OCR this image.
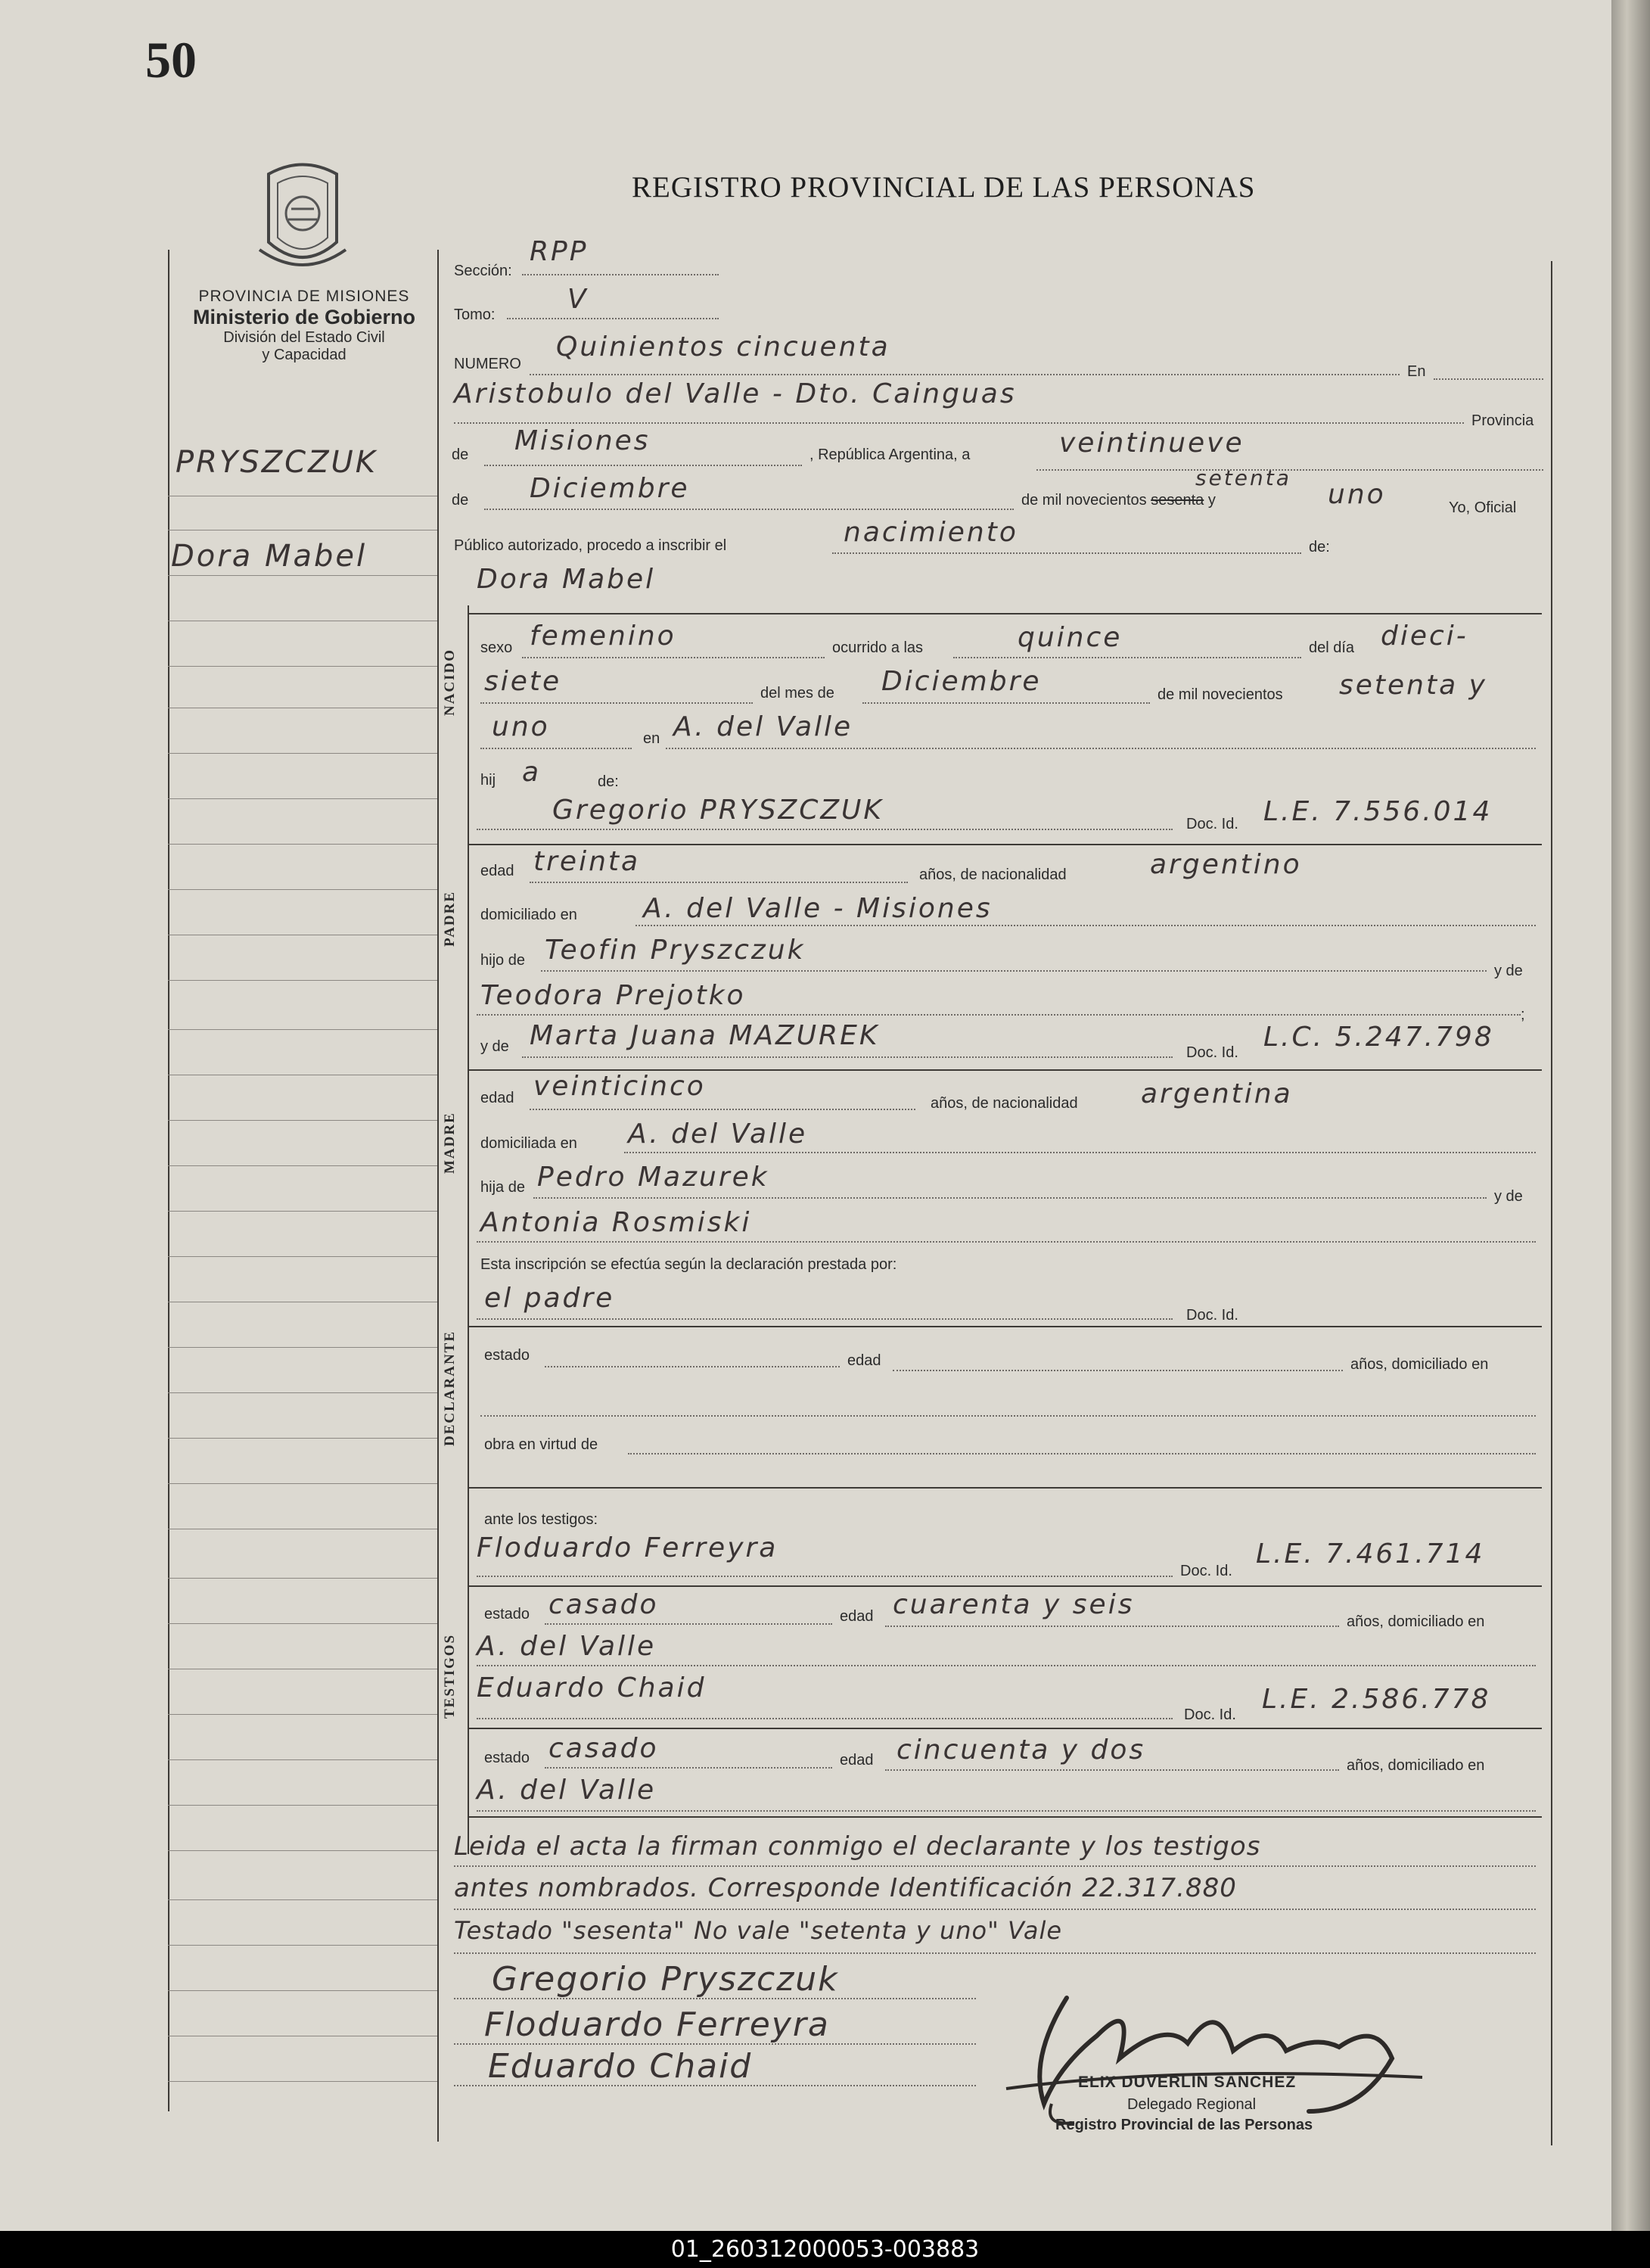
50
REGISTRO PROVINCIAL DE LAS PERSONAS
PROVINCIA DE MISIONES
Ministerio de Gobierno
División del Estado Civil
y Capacidad
PRYSZCZUK
Dora Mabel
Sección:
RPP
Tomo:	V
NUMERO
Quinientos cincuenta
En
Aristobulo del Valle - Dto. Cainguas
Provincia
de Misiones	, República Argentina, a	veintinueve
de Diciembre	de mil novecientos sesenta y
setenta
uno	Yo, Oficial
Público autorizado, procedo a inscribir el	nacimiento	de:
Dora Mabel
NACIDO
sexo femenino	ocurrido a las	quince	del día dieci-
siete	del mes de Diciembre	de mil novecientos setenta y
uno	en A. del Valle
hij a	de:
Gregorio PRYSZCZUK	Doc. Id. L.E. 7.556.014
PADRE
edad treinta	años, de nacionalidad	argentino
domiciliado en A. del Valle - Misiones
hijo de Teofin Pryszczuk
y de
Teodora Prejotko
;
y de Marta Juana MAZUREK
Doc. Id. L.C. 5.247.798
MADRE
edad veinticinco
años, de nacionalidad argentina
domiciliada en A. del Valle
hija de Pedro Mazurek
y de
Antonia Rosmiski
Esta inscripción se efectúa según la declaración prestada por:
el padre
Doc. Id.
DECLARANTE estado	edad	años, domiciliado en
obra en virtud de
ante los testigos:
Floduardo Ferreyra
Doc. Id.
L.E. 7.461.714
TESTIGOS
estado casado	edad cuarenta y seis
años, domiciliado en
A. del Valle
Eduardo Chaid
Doc. Id. L.E. 2.586.778
estado casado	edad cincuenta y dos	años, domiciliado en
A. del Valle
Leida el acta la firman conmigo el declarante y los testigos
antes nombrados. Corresponde Identificación 22.317.880
Testado "sesenta" No vale "setenta y uno" Vale
Gregorio Pryszczuk
Floduardo Ferreyra
Eduardo Chaid	ELIX DUVERLIN SANCHEZ
Delegado Regional
Registro Provincial de las Personas
01_260312000053-003883
